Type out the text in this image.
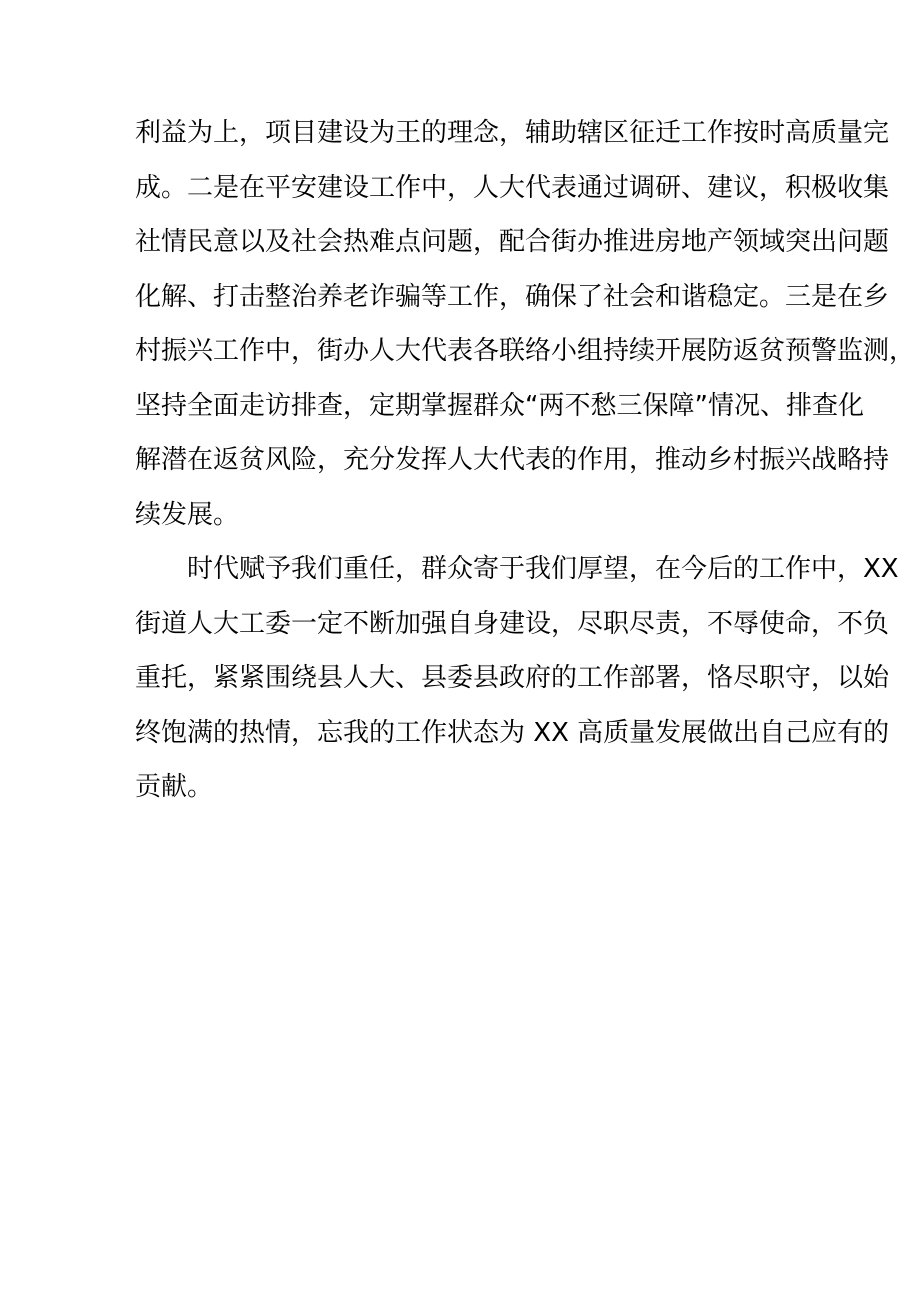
利益为上，项目建设为王的理念，辅助辖区征迁工作按时高质量完
成。二是在平安建设工作中，人大代表通过调研、建议，积极收集
社情民意以及社会热难点问题，配合街办推进房地产领域突出问题
化解、打击整治养老诈骗等工作，确保了社会和谐稳定。三是在乡
村振兴工作中，街办人大代表各联络小组持续开展防返贫预警监测，
坚持全面走访排查，定期掌握群众“两不愁三保障”情况、排查化
解潜在返贫风险，充分发挥人大代表的作用，推动乡村振兴战略持
续发展。
　　时代赋予我们重任，群众寄于我们厚望，在今后的工作中，XX
街道人大工委一定不断加强自身建设，尽职尽责，不辱使命，不负
重托，紧紧围绕县人大、县委县政府的工作部署，恪尽职守，以始
终饱满的热情，忘我的工作状态为 XX 高质量发展做出自己应有的
贡献。
